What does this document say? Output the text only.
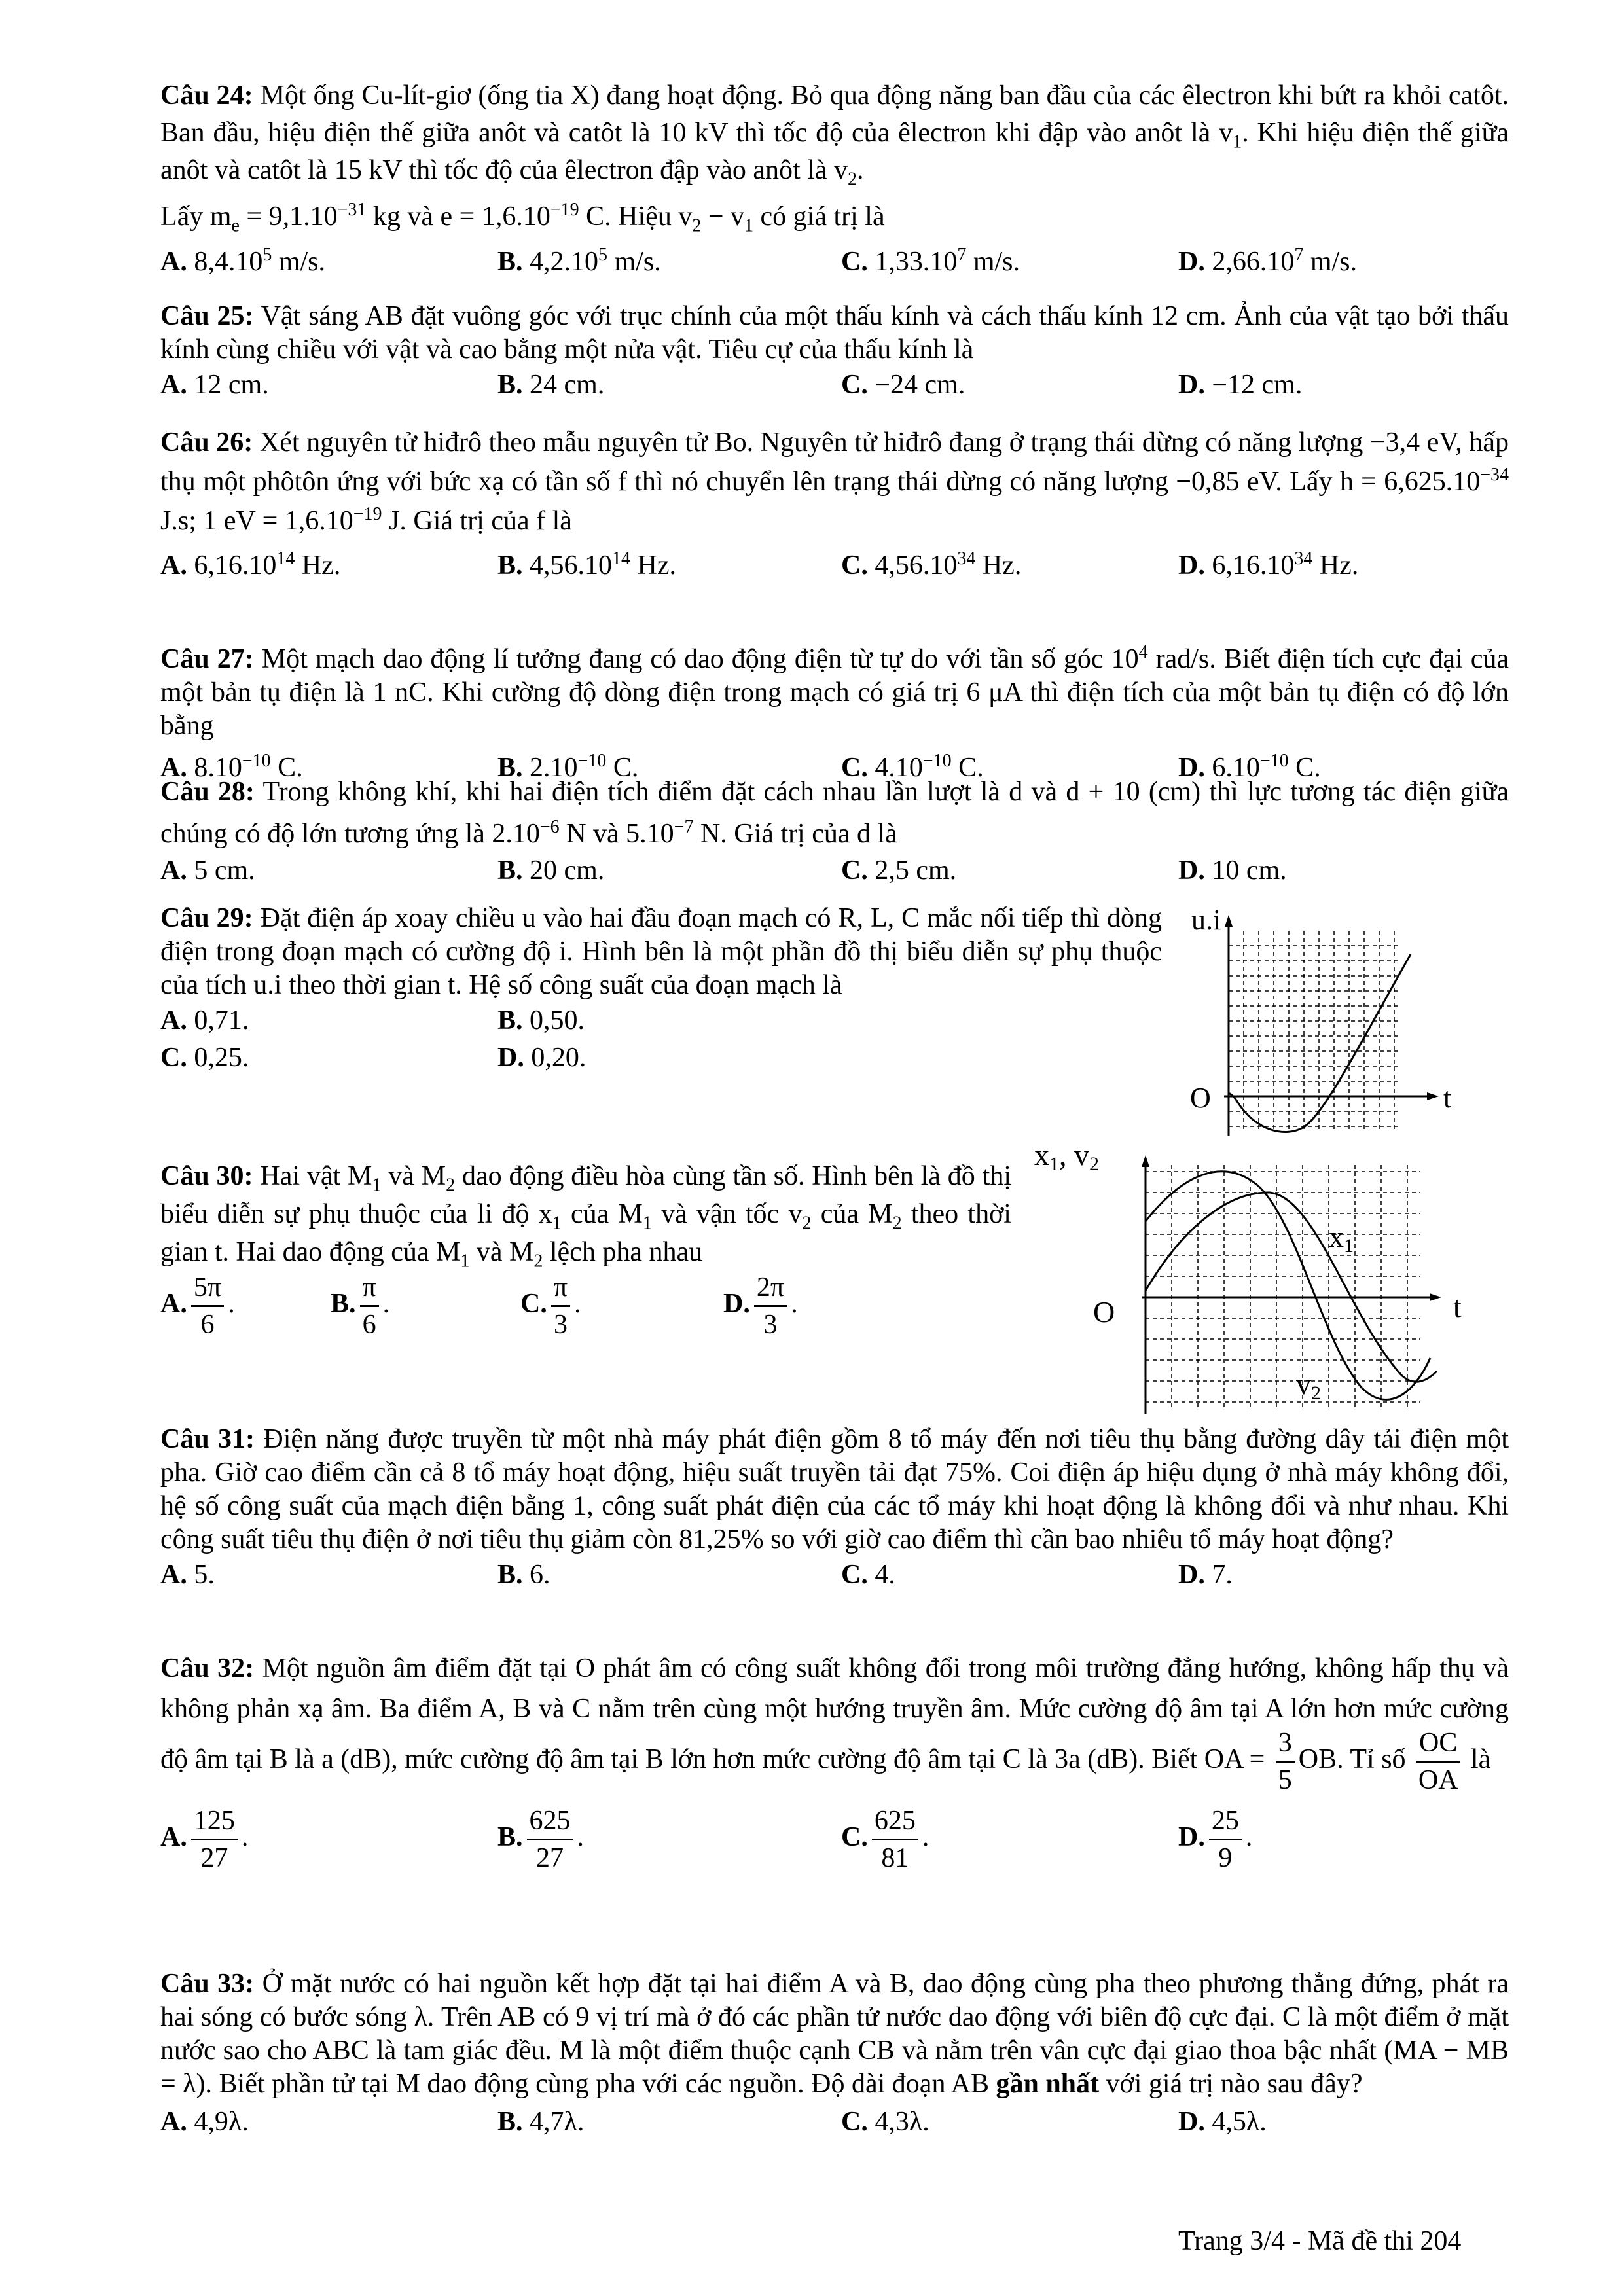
Câu 24: Một ống Cu-lít-giơ (ống tia X) đang hoạt động. Bỏ qua động năng ban đầu của các êlectron khi bứt ra khỏi catôt. Ban đầu, hiệu điện thế giữa anôt và catôt là 10 kV thì tốc độ của êlectron khi đập vào anôt là $v_1$. Khi hiệu điện thế giữa anôt và catôt là 15 kV thì tốc độ của êlectron đập vào anôt là $v_2$.

Lấy $m_e = 9,1.10^{-31}$ kg và $e = 1,6.10^{-19}$ C. Hiệu $v_2 - v_1$ có giá trị là

A. 8,4.10$^5$ m/s.	B. 4,2.10$^5$ m/s.	C. 1,33.10$^7$ m/s.	D. 2,66.10$^7$ m/s.

Câu 25: Vật sáng AB đặt vuông góc với trục chính của một thấu kính và cách thấu kính 12 cm. Ảnh của vật tạo bởi thấu kính cùng chiều với vật và cao bằng một nửa vật. Tiêu cự của thấu kính là

A. 12 cm.	B. 24 cm.	C. −24 cm.	D. −12 cm.

Câu 26: Xét nguyên tử hiđrô theo mẫu nguyên tử Bo. Nguyên tử hiđrô đang ở trạng thái dừng có năng lượng −3,4 eV, hấp thụ một phôtôn ứng với bức xạ có tần số f thì nó chuyển lên trạng thái dừng có năng lượng −0,85 eV. Lấy $h = 6,625.10^{-34}$ J.s; 1 eV = $1,6.10^{-19}$ J. Giá trị của f là

A. 6,16.10$^{14}$ Hz.	B. 4,56.10$^{14}$ Hz.	C. 4,56.10$^{34}$ Hz.	D. 6,16.10$^{34}$ Hz.

Câu 27: Một mạch dao động lí tưởng đang có dao động điện từ tự do với tần số góc $10^4$ rad/s. Biết điện tích cực đại của một bản tụ điện là 1 nC. Khi cường độ dòng điện trong mạch có giá trị 6 μA thì điện tích của một bản tụ điện có độ lớn bằng

A. $8.10^{-10}$ C.	B. $2.10^{-10}$ C.	C. $4.10^{-10}$ C.	D. $6.10^{-10}$ C.

Câu 28: Trong không khí, khi hai điện tích điểm đặt cách nhau lần lượt là d và d + 10 (cm) thì lực tương tác điện giữa chúng có độ lớn tương ứng là $2.10^{-6}$ N và $5.10^{-7}$ N. Giá trị của d là

A. 5 cm.	B. 20 cm.	C. 2,5 cm.	D. 10 cm.

Câu 29: Đặt điện áp xoay chiều u vào hai đầu đoạn mạch có R, L, C mắc nối tiếp thì dòng điện trong đoạn mạch có cường độ i. Hình bên là một phần đồ thị biểu diễn sự phụ thuộc của tích u.i theo thời gian t. Hệ số công suất của đoạn mạch là

A. 0,71.	B. 0,50.
C. 0,25.	D. 0,20.
u.i
O	t

Câu 30: Hai vật $M_1$ và $M_2$ dao động điều hòa cùng tần số. Hình bên là đồ thị biểu diễn sự phụ thuộc của li độ $x_1$ của $M_1$ và vận tốc $v_2$ của $M_2$ theo thời gian t. Hai dao động của $M_1$ và $M_2$ lệch pha nhau

A. $\frac{5\pi}{6}$ .	B. $\frac{\pi}{6}$ .	C. $\frac{\pi}{3}$ .	D. $\frac{2\pi}{3}$ .
x1, v2
x1
v2
O	t

Câu 31: Điện năng được truyền từ một nhà máy phát điện gồm 8 tổ máy đến nơi tiêu thụ bằng đường dây tải điện một pha. Giờ cao điểm cần cả 8 tổ máy hoạt động, hiệu suất truyền tải đạt 75%. Coi điện áp hiệu dụng ở nhà máy không đổi, hệ số công suất của mạch điện bằng 1, công suất phát điện của các tổ máy khi hoạt động là không đổi và như nhau. Khi công suất tiêu thụ điện ở nơi tiêu thụ giảm còn 81,25% so với giờ cao điểm thì cần bao nhiêu tổ máy hoạt động?

A. 5.	B. 6.	C. 4.	D. 7.

Câu 32: Một nguồn âm điểm đặt tại O phát âm có công suất không đổi trong môi trường đẳng hướng, không hấp thụ và không phản xạ âm. Ba điểm A, B và C nằm trên cùng một hướng truyền âm. Mức cường độ âm tại A lớn hơn mức cường độ âm tại B là a (dB), mức cường độ âm tại B lớn hơn mức cường độ âm tại C là 3a (dB). Biết OA = $\frac{3}{5}$ OB. Tỉ số $\frac{OC}{OA}$ là

A. $\frac{125}{27}$ .	B. $\frac{625}{27}$ .	C. $\frac{625}{81}$ .	D. $\frac{25}{9}$ .

Câu 33: Ở mặt nước có hai nguồn kết hợp đặt tại hai điểm A và B, dao động cùng pha theo phương thẳng đứng, phát ra hai sóng có bước sóng λ. Trên AB có 9 vị trí mà ở đó các phần tử nước dao động với biên độ cực đại. C là một điểm ở mặt nước sao cho ABC là tam giác đều. M là một điểm thuộc cạnh CB và nằm trên vân cực đại giao thoa bậc nhất (MA − MB = λ). Biết phần tử tại M dao động cùng pha với các nguồn. Độ dài đoạn AB gần nhất với giá trị nào sau đây?

A. 4,9λ.	B. 4,7λ.	C. 4,3λ.	D. 4,5λ.
Trang 3/4 - Mã đề thi 204
